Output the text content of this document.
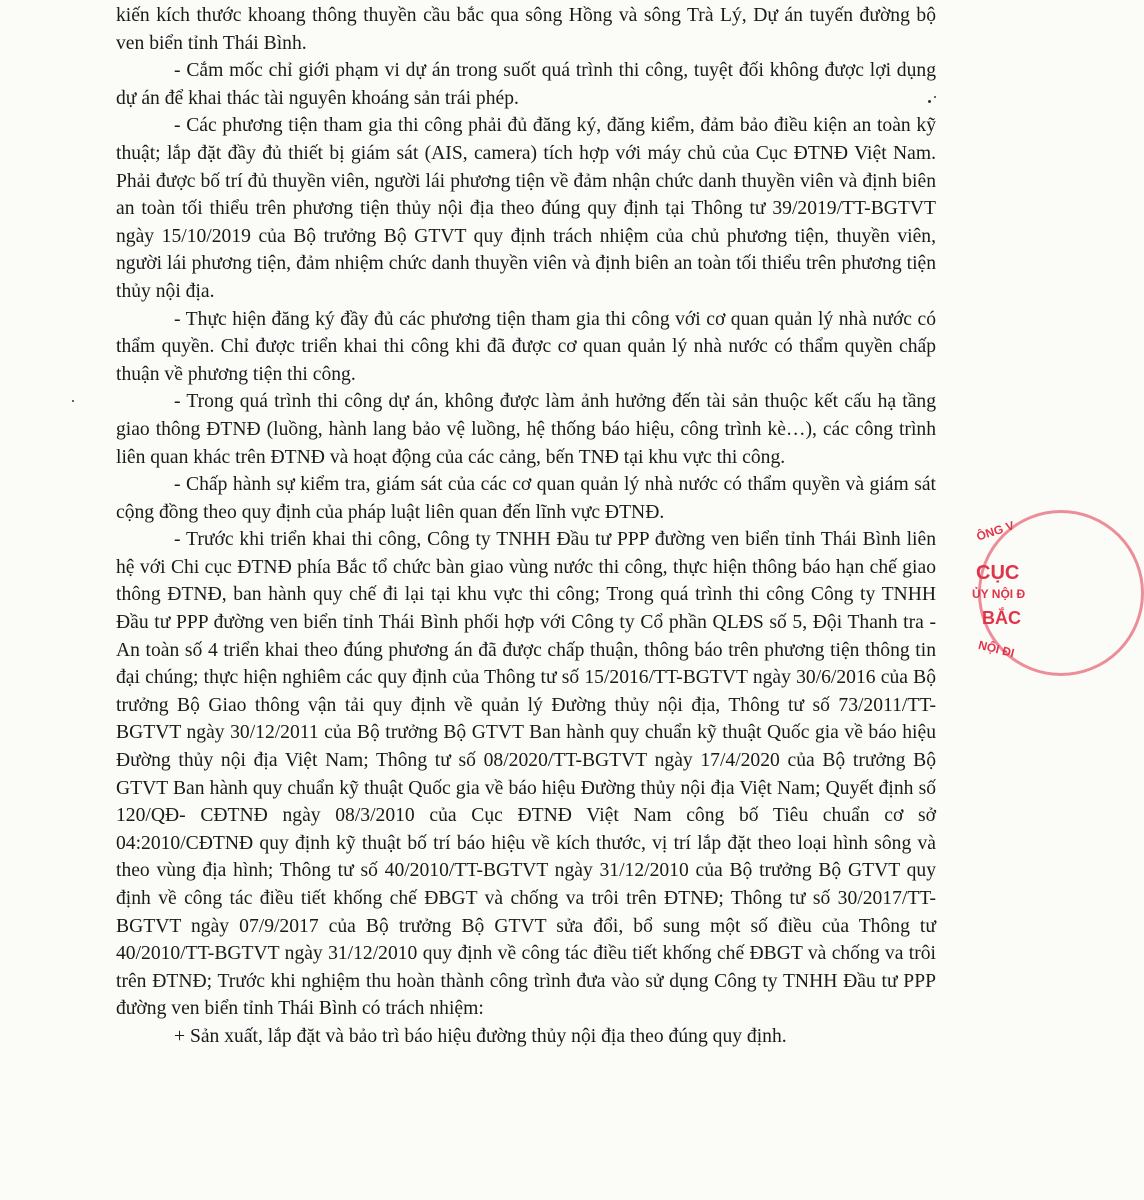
kiến kích thước khoang thông thuyền cầu bắc qua sông Hồng và sông Trà Lý, Dự án tuyến đường bộ ven biển tỉnh Thái Bình.

- Cắm mốc chỉ giới phạm vi dự án trong suốt quá trình thi công, tuyệt đối không được lợi dụng dự án để khai thác tài nguyên khoáng sản trái phép.

- Các phương tiện tham gia thi công phải đủ đăng ký, đăng kiểm, đảm bảo điều kiện an toàn kỹ thuật; lắp đặt đầy đủ thiết bị giám sát (AIS, camera) tích hợp với máy chủ của Cục ĐTNĐ Việt Nam. Phải được bố trí đủ thuyền viên, người lái phương tiện về đảm nhận chức danh thuyền viên và định biên an toàn tối thiểu trên phương tiện thủy nội địa theo đúng quy định tại Thông tư 39/2019/TT-BGTVT ngày 15/10/2019 của Bộ trưởng Bộ GTVT quy định trách nhiệm của chủ phương tiện, thuyền viên, người lái phương tiện, đảm nhiệm chức danh thuyền viên và định biên an toàn tối thiểu trên phương tiện thủy nội địa.

- Thực hiện đăng ký đầy đủ các phương tiện tham gia thi công với cơ quan quản lý nhà nước có thẩm quyền. Chỉ được triển khai thi công khi đã được cơ quan quản lý nhà nước có thẩm quyền chấp thuận về phương tiện thi công.

- Trong quá trình thi công dự án, không được làm ảnh hưởng đến tài sản thuộc kết cấu hạ tầng giao thông ĐTNĐ (luồng, hành lang bảo vệ luồng, hệ thống báo hiệu, công trình kè…), các công trình liên quan khác trên ĐTNĐ và hoạt động của các cảng, bến TNĐ tại khu vực thi công.

- Chấp hành sự kiểm tra, giám sát của các cơ quan quản lý nhà nước có thẩm quyền và giám sát cộng đồng theo quy định của pháp luật liên quan đến lĩnh vực ĐTNĐ.

- Trước khi triển khai thi công, Công ty TNHH Đầu tư PPP đường ven biển tỉnh Thái Bình liên hệ với Chi cục ĐTNĐ phía Bắc tổ chức bàn giao vùng nước thi công, thực hiện thông báo hạn chế giao thông ĐTNĐ, ban hành quy chế đi lại tại khu vực thi công; Trong quá trình thi công Công ty TNHH Đầu tư PPP đường ven biển tỉnh Thái Bình phối hợp với Công ty Cổ phần QLĐS số 5, Đội Thanh tra - An toàn số 4 triển khai theo đúng phương án đã được chấp thuận, thông báo trên phương tiện thông tin đại chúng; thực hiện nghiêm các quy định của Thông tư số 15/2016/TT-BGTVT ngày 30/6/2016 của Bộ trưởng Bộ Giao thông vận tải quy định về quản lý Đường thủy nội địa, Thông tư số 73/2011/TT-BGTVT ngày 30/12/2011 của Bộ trưởng Bộ GTVT Ban hành quy chuẩn kỹ thuật Quốc gia về báo hiệu Đường thủy nội địa Việt Nam; Thông tư số 08/2020/TT-BGTVT ngày 17/4/2020 của Bộ trưởng Bộ GTVT Ban hành quy chuẩn kỹ thuật Quốc gia về báo hiệu Đường thủy nội địa Việt Nam; Quyết định số 120/QĐ- CĐTNĐ ngày 08/3/2010 của Cục ĐTNĐ Việt Nam công bố Tiêu chuẩn cơ sở 04:2010/CĐTNĐ quy định kỹ thuật bố trí báo hiệu về kích thước, vị trí lắp đặt theo loại hình sông và theo vùng địa hình; Thông tư số 40/2010/TT-BGTVT ngày 31/12/2010 của Bộ trưởng Bộ GTVT quy định về công tác điều tiết khống chế ĐBGT và chống va trôi trên ĐTNĐ; Thông tư số 30/2017/TT-BGTVT ngày 07/9/2017 của Bộ trưởng Bộ GTVT sửa đổi, bổ sung một số điều của Thông tư 40/2010/TT-BGTVT ngày 31/12/2010 quy định về công tác điều tiết khống chế ĐBGT và chống va trôi trên ĐTNĐ; Trước khi nghiệm thu hoàn thành công trình đưa vào sử dụng Công ty TNHH Đầu tư PPP đường ven biển tỉnh Thái Bình có trách nhiệm:

+ Sản xuất, lắp đặt và bảo trì báo hiệu đường thủy nội địa theo đúng quy định.

ÔNG V
CỤC
ỦY NỘI Đ
BẮC
NỘI ĐI
